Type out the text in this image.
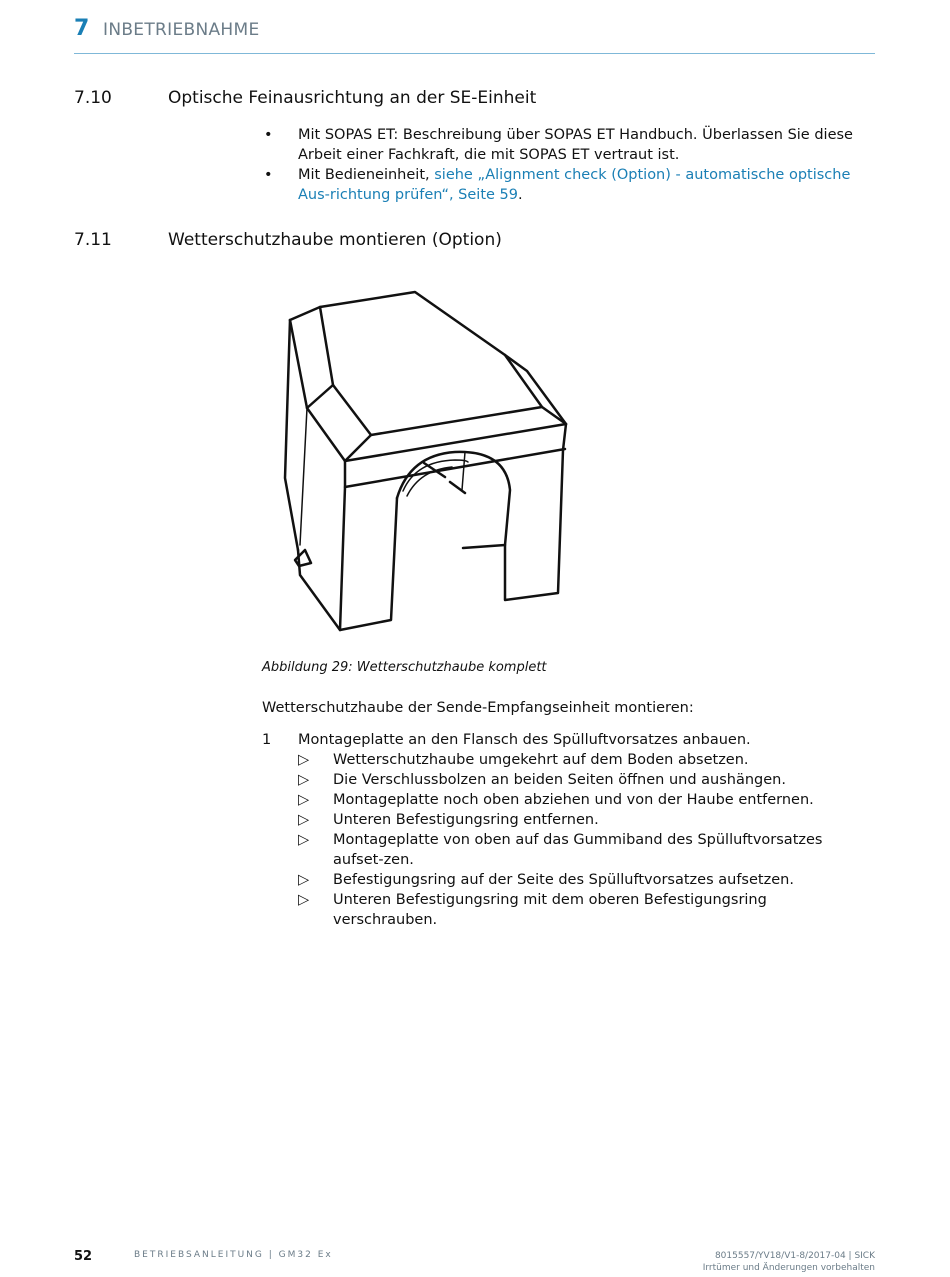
7 INBETRIEBNAHME
7.10	Optische Feinausrichtung an der SE-Einheit
• Mit SOPAS ET: Beschreibung über SOPAS ET Handbuch. Überlassen Sie diese Arbeit einer Fachkraft, die mit SOPAS ET vertraut ist.
• Mit Bedieneinheit, siehe „Alignment check (Option) - automatische optische Aus-richtung prüfen“, Seite 59.
7.11	Wetterschutzhaube montieren (Option)
Abbildung 29: Wetterschutzhaube komplett
Wetterschutzhaube der Sende-Empfangseinheit montieren:
1 Montageplatte an den Flansch des Spülluftvorsatzes anbauen.
▷ Wetterschutzhaube umgekehrt auf dem Boden absetzen.
▷ Die Verschlussbolzen an beiden Seiten öffnen und aushängen.
▷ Montageplatte noch oben abziehen und von der Haube entfernen.
▷ Unteren Befestigungsring entfernen.
▷ Montageplatte von oben auf das Gummiband des Spülluftvorsatzes aufset-zen.
▷ Befestigungsring auf der Seite des Spülluftvorsatzes aufsetzen.
▷ Unteren Befestigungsring mit dem oberen Befestigungsring verschrauben.
52	BETRIEBSANLEITUNG | GM32 Ex	8015557/YV18/V1-8/2017-04 | SICK
Irrtümer und Änderungen vorbehalten
